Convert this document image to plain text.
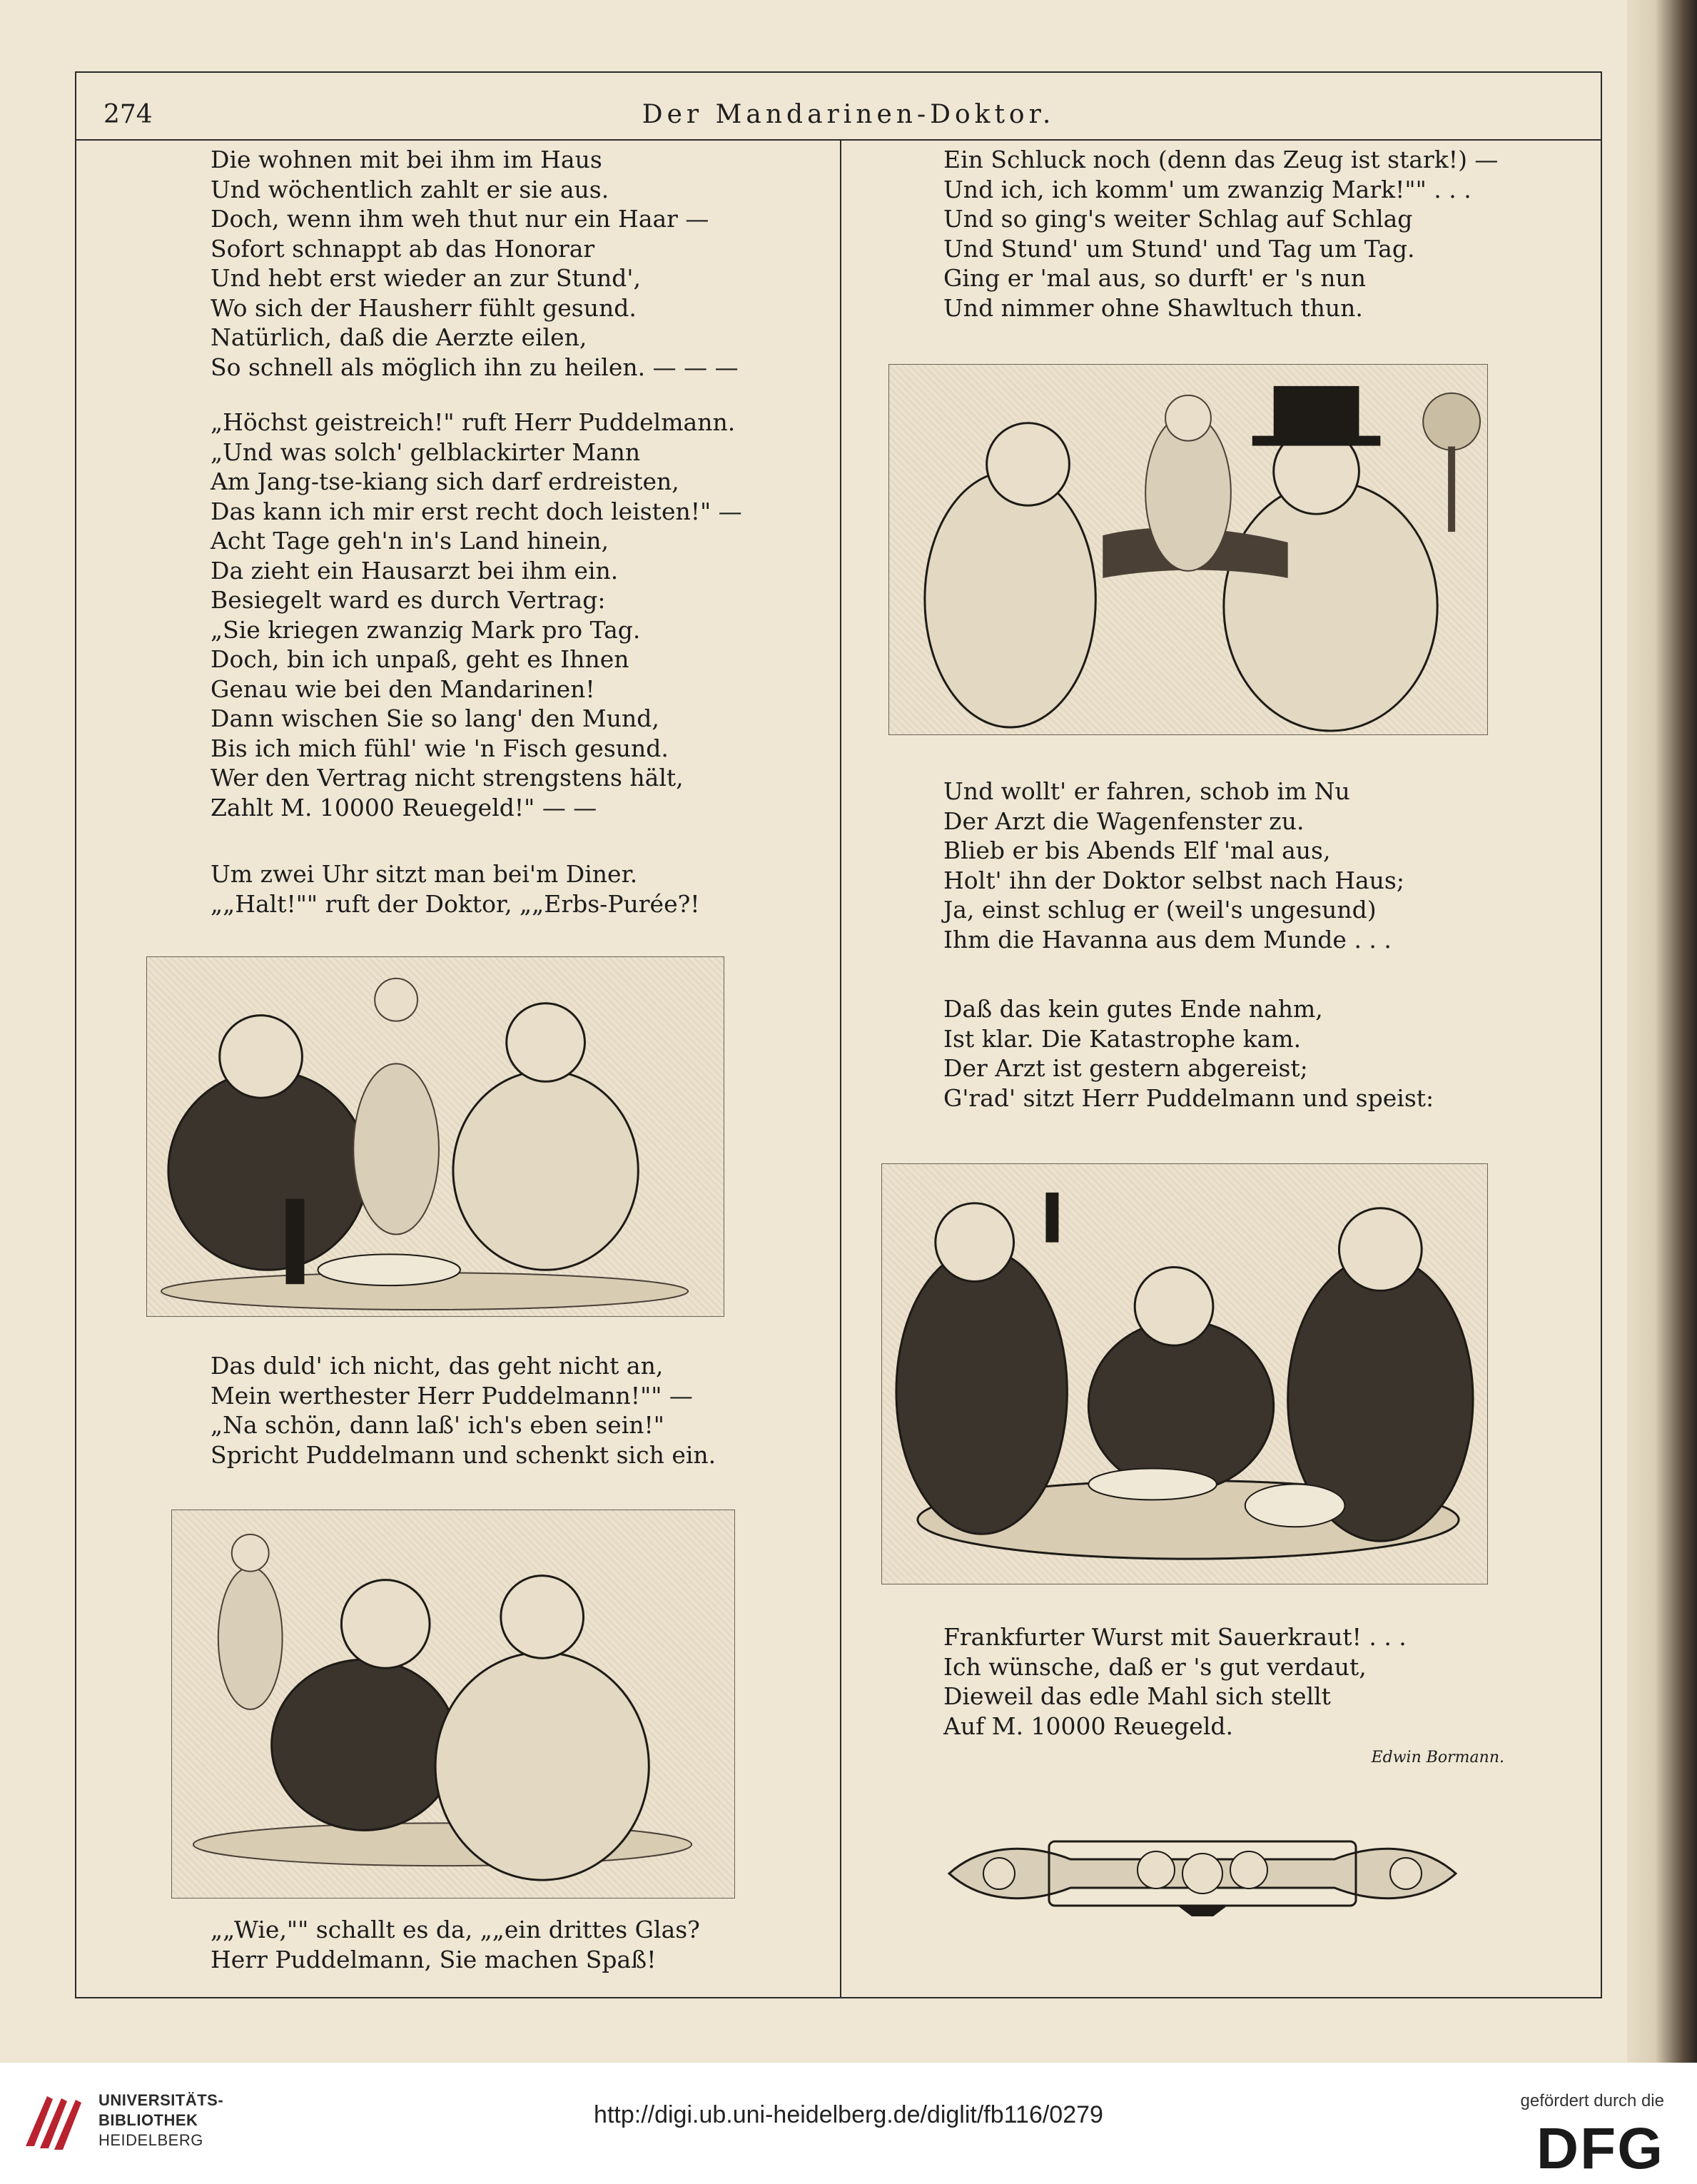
274	Der Mandarinen-Doktor.
Die wohnen mit bei ihm im Haus
Und wöchentlich zahlt er sie aus.
Doch, wenn ihm weh thut nur ein Haar —
Sofort schnappt ab das Honorar
Und hebt erst wieder an zur Stund',
Wo sich der Hausherr fühlt gesund.
Natürlich, daß die Aerzte eilen,
So schnell als möglich ihn zu heilen. — — —
„Höchst geistreich!" ruft Herr Puddelmann.
„Und was solch' gelblackirter Mann
Am Jang-tse-kiang sich darf erdreisten,
Das kann ich mir erst recht doch leisten!" —
Acht Tage geh'n in's Land hinein,
Da zieht ein Hausarzt bei ihm ein.
Besiegelt ward es durch Vertrag:
„Sie kriegen zwanzig Mark pro Tag.
Doch, bin ich unpaß, geht es Ihnen
Genau wie bei den Mandarinen!
Dann wischen Sie so lang' den Mund,
Bis ich mich fühl' wie 'n Fisch gesund.
Wer den Vertrag nicht strengstens hält,
Zahlt M. 10000 Reuegeld!" — —
Um zwei Uhr sitzt man bei'm Diner.
„„Halt!"" ruft der Doktor, „„Erbs-Purée?!
Das duld' ich nicht, das geht nicht an,
Mein werthester Herr Puddelmann!"" —
„Na schön, dann laß' ich's eben sein!"
Spricht Puddelmann und schenkt sich ein.
„„Wie,"" schallt es da, „„ein drittes Glas?
Herr Puddelmann, Sie machen Spaß!
Ein Schluck noch (denn das Zeug ist stark!) —
Und ich, ich komm' um zwanzig Mark!"" . . .
Und so ging's weiter Schlag auf Schlag
Und Stund' um Stund' und Tag um Tag.
Ging er 'mal aus, so durft' er 's nun
Und nimmer ohne Shawltuch thun.
Und wollt' er fahren, schob im Nu
Der Arzt die Wagenfenster zu.
Blieb er bis Abends Elf 'mal aus,
Holt' ihn der Doktor selbst nach Haus;
Ja, einst schlug er (weil's ungesund)
Ihm die Havanna aus dem Munde . . .
Daß das kein gutes Ende nahm,
Ist klar. Die Katastrophe kam.
Der Arzt ist gestern abgereist;
G'rad' sitzt Herr Puddelmann und speist:
Frankfurter Wurst mit Sauerkraut! . . .
Ich wünsche, daß er 's gut verdaut,
Dieweil das edle Mahl sich stellt
Auf M. 10000 Reuegeld.
Edwin Bormann.
UNIVERSITÄTS-
BIBLIOTHEK
HEIDELBERG
http://digi.ub.uni-heidelberg.de/diglit/fb116/0279
gefördert durch die
DFG
